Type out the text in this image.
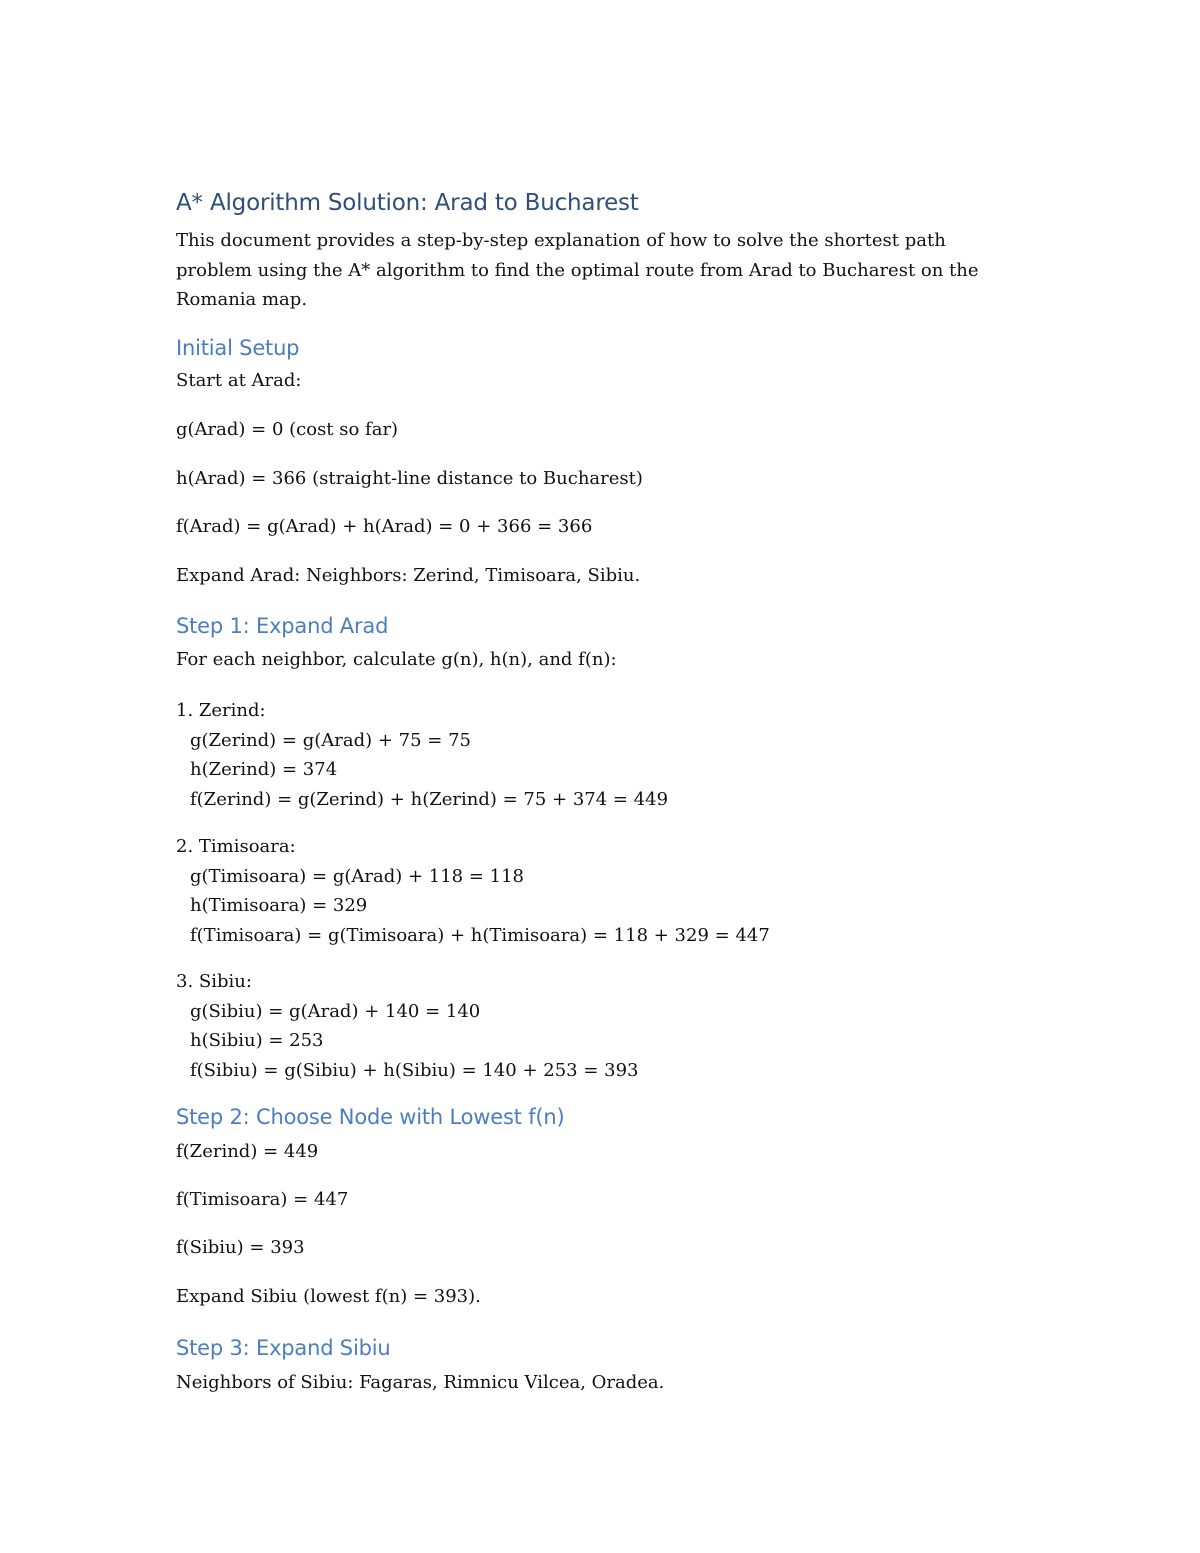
A* Algorithm Solution: Arad to Bucharest
This document provides a step-by-step explanation of how to solve the shortest path problem using the A* algorithm to find the optimal route from Arad to Bucharest on the Romania map.
Initial Setup
Start at Arad:
g(Arad) = 0 (cost so far)
h(Arad) = 366 (straight-line distance to Bucharest)
f(Arad) = g(Arad) + h(Arad) = 0 + 366 = 366
Expand Arad: Neighbors: Zerind, Timisoara, Sibiu.
Step 1: Expand Arad
For each neighbor, calculate g(n), h(n), and f(n):
1. Zerind:
g(Zerind) = g(Arad) + 75 = 75
h(Zerind) = 374
f(Zerind) = g(Zerind) + h(Zerind) = 75 + 374 = 449
2. Timisoara:
g(Timisoara) = g(Arad) + 118 = 118
h(Timisoara) = 329
f(Timisoara) = g(Timisoara) + h(Timisoara) = 118 + 329 = 447
3. Sibiu:
g(Sibiu) = g(Arad) + 140 = 140
h(Sibiu) = 253
f(Sibiu) = g(Sibiu) + h(Sibiu) = 140 + 253 = 393
Step 2: Choose Node with Lowest f(n)
f(Zerind) = 449
f(Timisoara) = 447
f(Sibiu) = 393
Expand Sibiu (lowest f(n) = 393).
Step 3: Expand Sibiu
Neighbors of Sibiu: Fagaras, Rimnicu Vilcea, Oradea.
